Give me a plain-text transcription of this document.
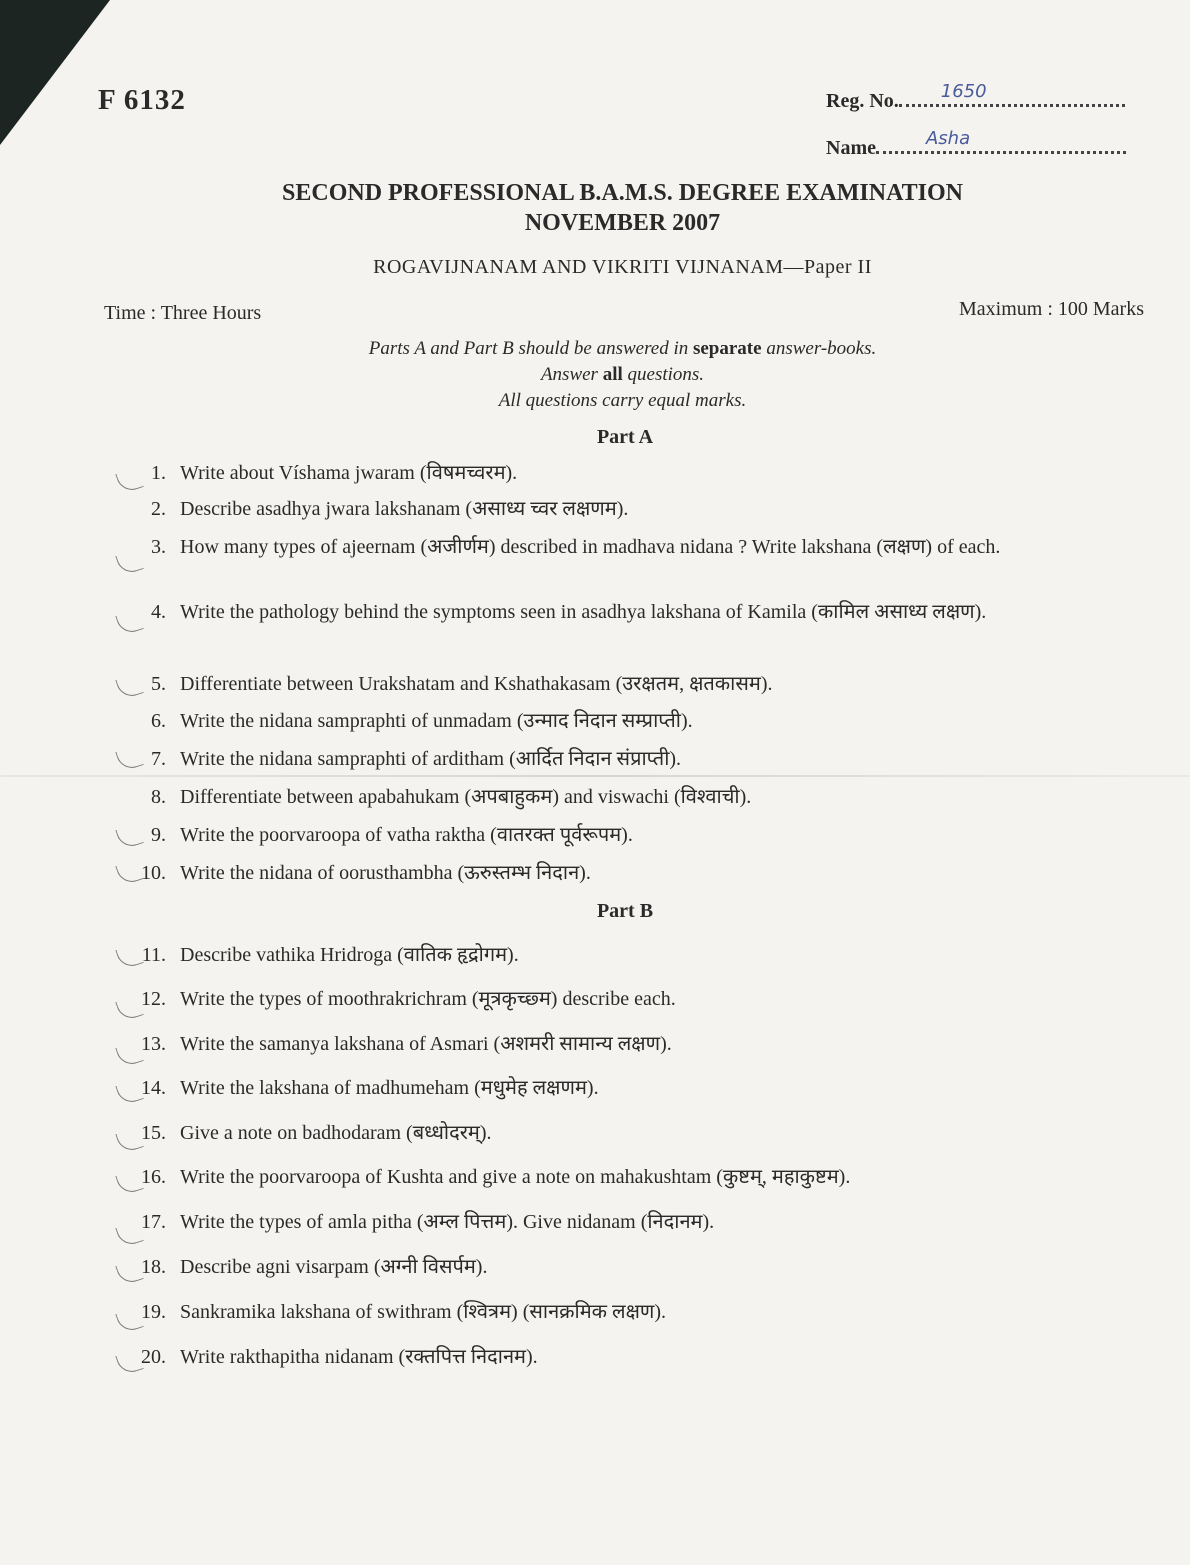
F 6132	Reg. No. 1650
Name	Asha
SECOND PROFESSIONAL B.A.M.S. DEGREE EXAMINATION
NOVEMBER 2007
ROGAVIJNANAM AND VIKRITI VIJNANAM—Paper II
Time : Three Hours	Maximum : 100 Marks
Parts A and Part B should be answered in separate answer-books.
Answer all questions.
All questions carry equal marks.
Part A
1. Write about Víshama jwaram (विषमच्वरम).
2. Describe asadhya jwara lakshanam (असाध्य च्वर लक्षणम).
3. How many types of ajeernam (अजीर्णम) described in madhava nidana ? Write lakshana (लक्षण) of each.
4. Write the pathology behind the symptoms seen in asadhya lakshana of Kamila (कामिल असाध्य लक्षण).
5. Differentiate between Urakshatam and Kshathakasam (उरक्षतम, क्षतकासम).
6. Write the nidana sampraphti of unmadam (उन्माद निदान सम्प्राप्ती).
7. Write the nidana sampraphti of arditham (आर्दित निदान संप्राप्ती).
8. Differentiate between apabahukam (अपबाहुकम) and viswachi (विश्वाची).
9. Write the poorvaroopa of vatha raktha (वातरक्त पूर्वरूपम).
10. Write the nidana of oorusthambha (ऊरुस्तम्भ निदान).
Part B
11. Describe vathika Hridroga (वातिक हृद्रोगम).
12. Write the types of moothrakrichram (मूत्रकृच्छ्म) describe each.
13. Write the samanya lakshana of Asmari (अशमरी सामान्य लक्षण).
14. Write the lakshana of madhumeham (मधुमेह लक्षणम).
15. Give a note on badhodaram (बध्धोदरम्).
16. Write the poorvaroopa of Kushta and give a note on mahakushtam (कुष्टम्, महाकुष्टम).
17. Write the types of amla pitha (अम्ल पित्तम). Give nidanam (निदानम).
18. Describe agni visarpam (अग्नी विसर्पम).
19. Sankramika lakshana of swithram (श्वित्रम) (सानक्रमिक लक्षण).
20. Write rakthapitha nidanam (रक्तपित्त निदानम).
